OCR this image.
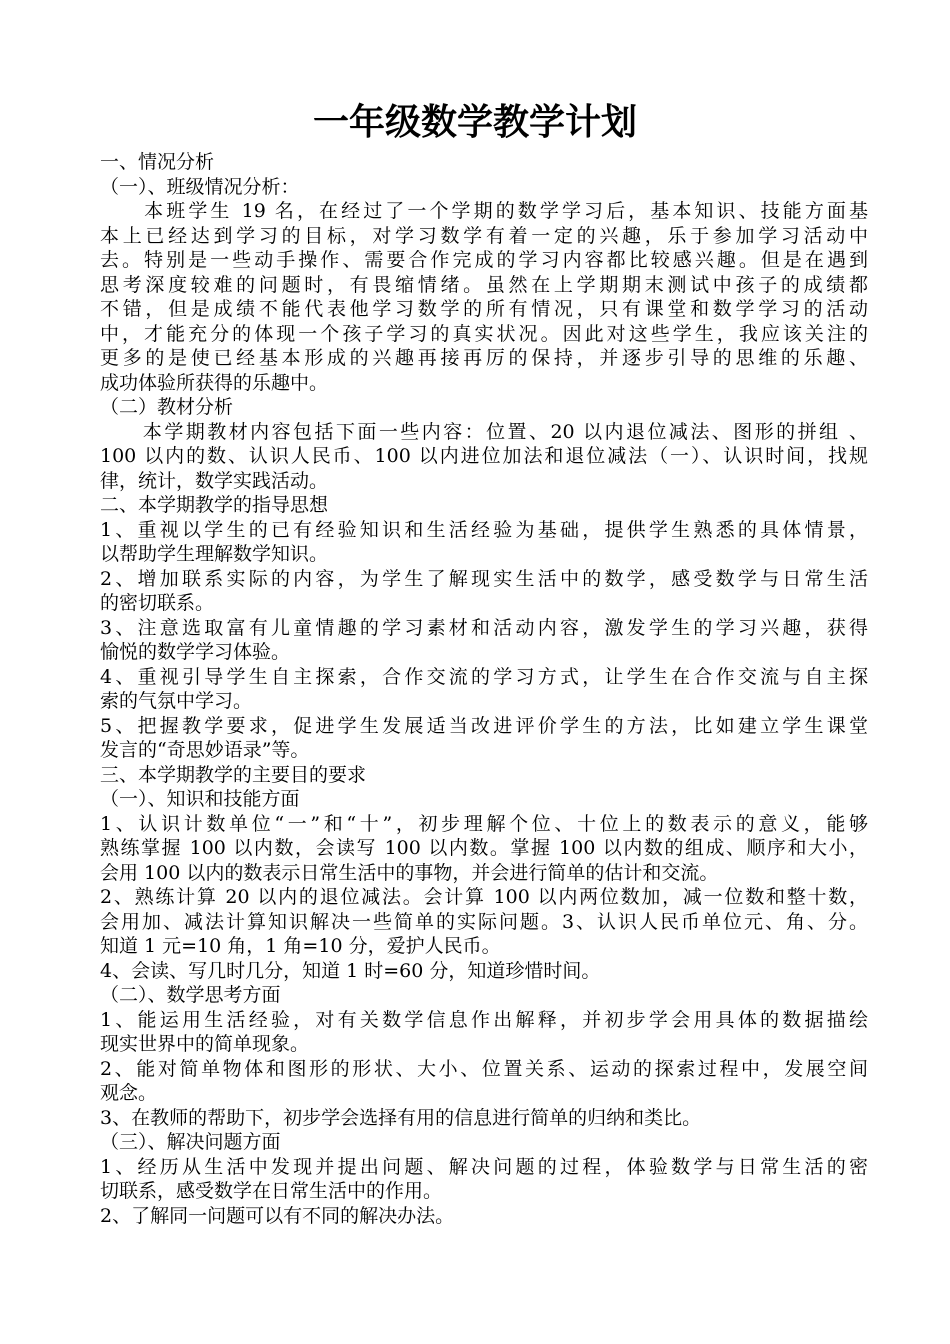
一年级数学教学计划
一、情况分析
（一）、班级情况分析：
　　本班学生 19 名，在经过了一个学期的数学学习后，基本知识、技能方面基
本上已经达到学习的目标，对学习数学有着一定的兴趣，乐于参加学习活动中
去。特别是一些动手操作、需要合作完成的学习内容都比较感兴趣。但是在遇到
思考深度较难的问题时，有畏缩情绪。虽然在上学期期末测试中孩子的成绩都
不错，但是成绩不能代表他学习数学的所有情况，只有课堂和数学学习的活动
中，才能充分的体现一个孩子学习的真实状况。因此对这些学生，我应该关注的
更多的是使已经基本形成的兴趣再接再厉的保持，并逐步引导的思维的乐趣、
成功体验所获得的乐趣中。
（二）教材分析
　　本学期教材内容包括下面一些内容：位置、20 以内退位减法、图形的拼组 、
100 以内的数、认识人民币、100 以内进位加法和退位减法（一）、认识时间，找规
律，统计，数学实践活动。
二、本学期教学的指导思想
1、重视以学生的已有经验知识和生活经验为基础，提供学生熟悉的具体情景，
以帮助学生理解数学知识。
2、增加联系实际的内容，为学生了解现实生活中的数学，感受数学与日常生活
的密切联系。
3、注意选取富有儿童情趣的学习素材和活动内容，激发学生的学习兴趣，获得
愉悦的数学学习体验。
4、重视引导学生自主探索，合作交流的学习方式，让学生在合作交流与自主探
索的气氛中学习。
5、把握教学要求，促进学生发展适当改进评价学生的方法，比如建立学生课堂
发言的“奇思妙语录”等。
三、本学期教学的主要目的要求
（一）、知识和技能方面
1、认识计数单位“一”和“十”，初步理解个位、十位上的数表示的意义，能够
熟练掌握 100 以内数，会读写 100 以内数。掌握 100 以内数的组成、顺序和大小，
会用 100 以内的数表示日常生活中的事物，并会进行简单的估计和交流。
2、熟练计算 20 以内的退位减法。会计算 100 以内两位数加，减一位数和整十数，
会用加、减法计算知识解决一些简单的实际问题。3、认识人民币单位元、角、分。
知道 1 元=10 角，1 角=10 分，爱护人民币。
4、会读、写几时几分，知道 1 时=60 分，知道珍惜时间。
（二）、数学思考方面
1、能运用生活经验，对有关数学信息作出解释，并初步学会用具体的数据描绘
现实世界中的简单现象。
2、能对简单物体和图形的形状、大小、位置关系、运动的探索过程中，发展空间
观念。
3、在教师的帮助下，初步学会选择有用的信息进行简单的归纳和类比。
（三）、解决问题方面
1、经历从生活中发现并提出问题、解决问题的过程，体验数学与日常生活的密
切联系，感受数学在日常生活中的作用。
2、了解同一问题可以有不同的解决办法。
